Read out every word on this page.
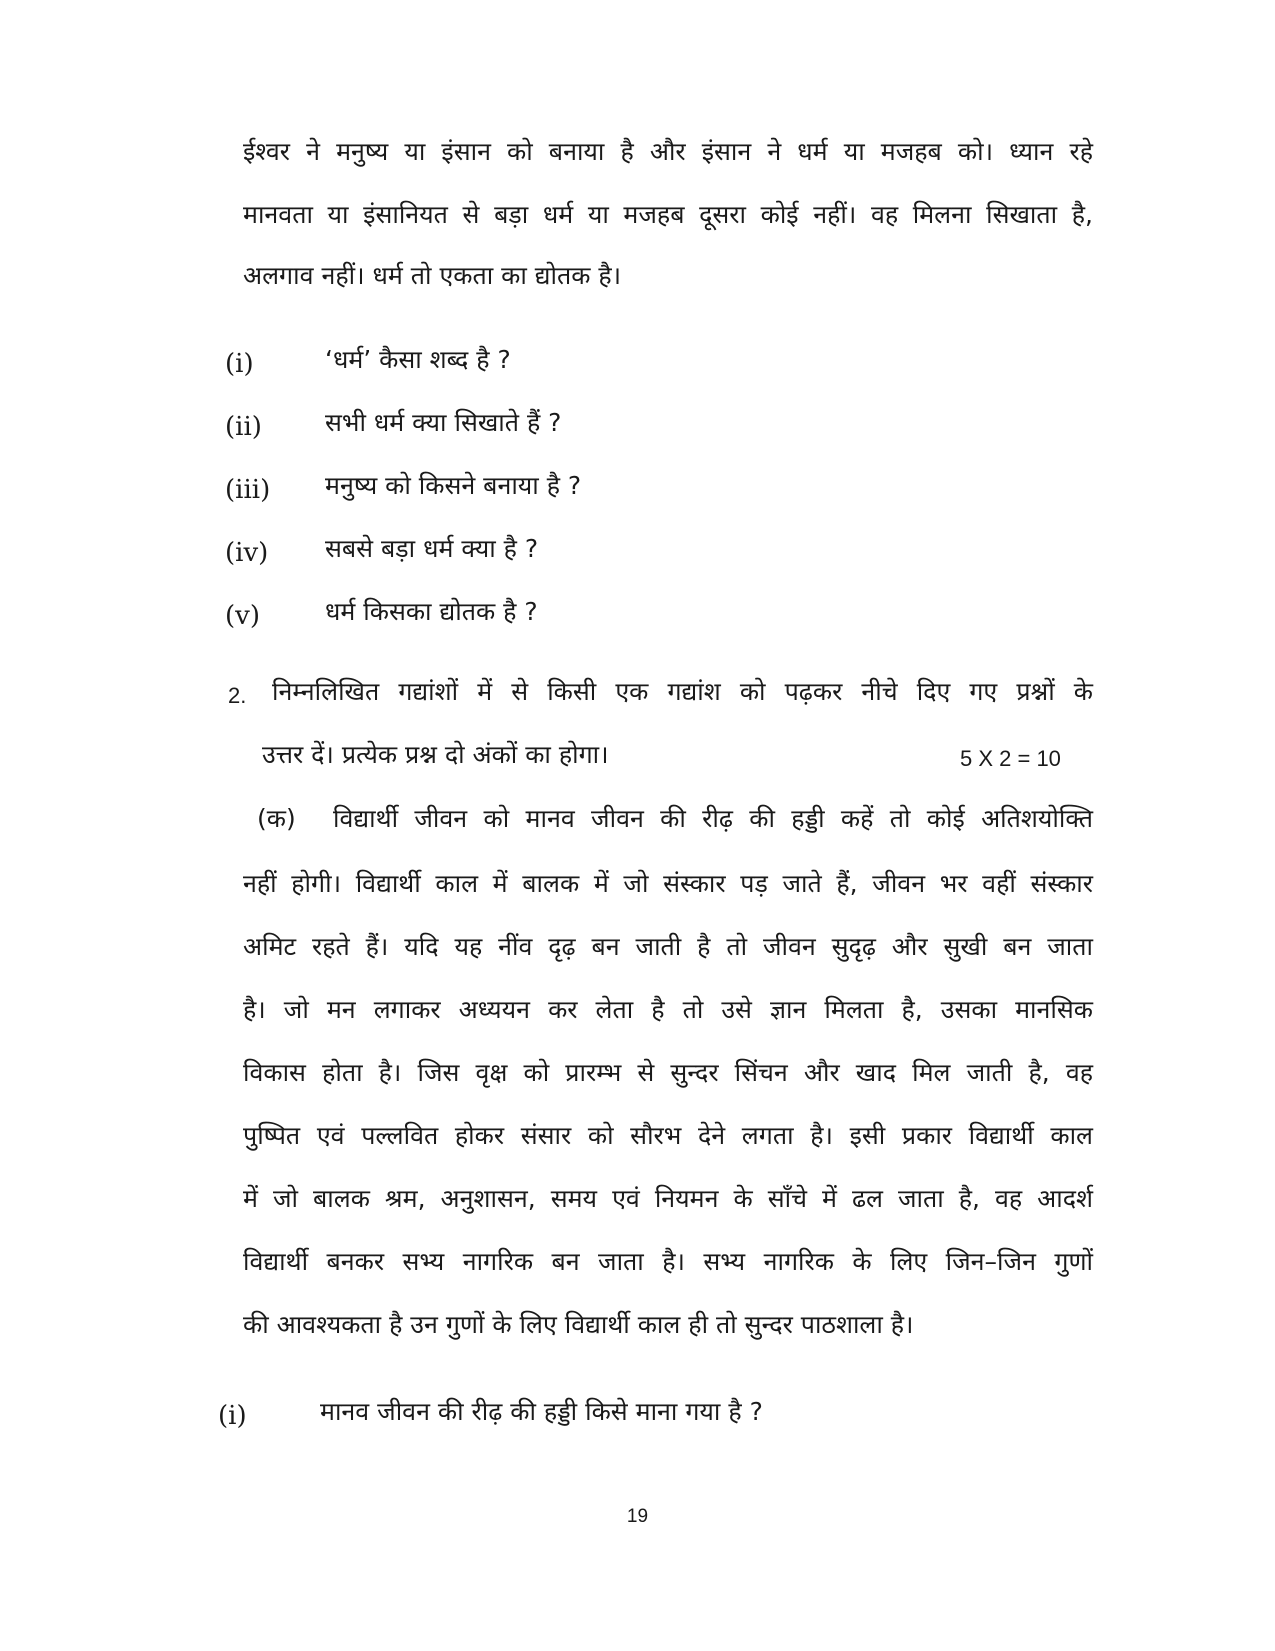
ईश्वर ने मनुष्य या इंसान को बनाया है और इंसान ने धर्म या मजहब को। ध्यान रहे
मानवता या इंसानियत से बड़ा धर्म या मजहब दूसरा कोई नहीं। वह मिलना सिखाता है,
अलगाव नहीं। धर्म तो एकता का द्योतक है।
(i)	‘धर्म’ कैसा शब्द है ?
(ii)	सभी धर्म क्या सिखाते हैं ?
(iii) मनुष्य को किसने बनाया है ?
(iv) सबसे बड़ा धर्म क्या है ?
(v)	धर्म किसका द्योतक है ?
2. निम्नलिखित गद्यांशों में से किसी एक गद्यांश को पढ़कर नीचे दिए गए प्रश्नों के
उत्तर दें। प्रत्येक प्रश्न दो अंकों का होगा।	5 X 2 = 10
(क)	विद्यार्थी जीवन को मानव जीवन की रीढ़ की हड्डी कहें तो कोई अतिशयोक्ति
नहीं होगी। विद्यार्थी काल में बालक में जो संस्कार पड़ जाते हैं, जीवन भर वहीं संस्कार
अमिट रहते हैं। यदि यह नींव दृढ़ बन जाती है तो जीवन सुदृढ़ और सुखी बन जाता
है। जो मन लगाकर अध्ययन कर लेता है तो उसे ज्ञान मिलता है, उसका मानसिक
विकास होता है। जिस वृक्ष को प्रारम्भ से सुन्दर सिंचन और खाद मिल जाती है, वह
पुष्पित एवं पल्लवित होकर संसार को सौरभ देने लगता है। इसी प्रकार विद्यार्थी काल
में जो बालक श्रम, अनुशासन, समय एवं नियमन के साँचे में ढल जाता है, वह आदर्श
विद्यार्थी बनकर सभ्य नागरिक बन जाता है। सभ्य नागरिक के लिए जिन–जिन गुणों
की आवश्यकता है उन गुणों के लिए विद्यार्थी काल ही तो सुन्दर पाठशाला है।
(i)	मानव जीवन की रीढ़ की हड्डी किसे माना गया है ?
19
